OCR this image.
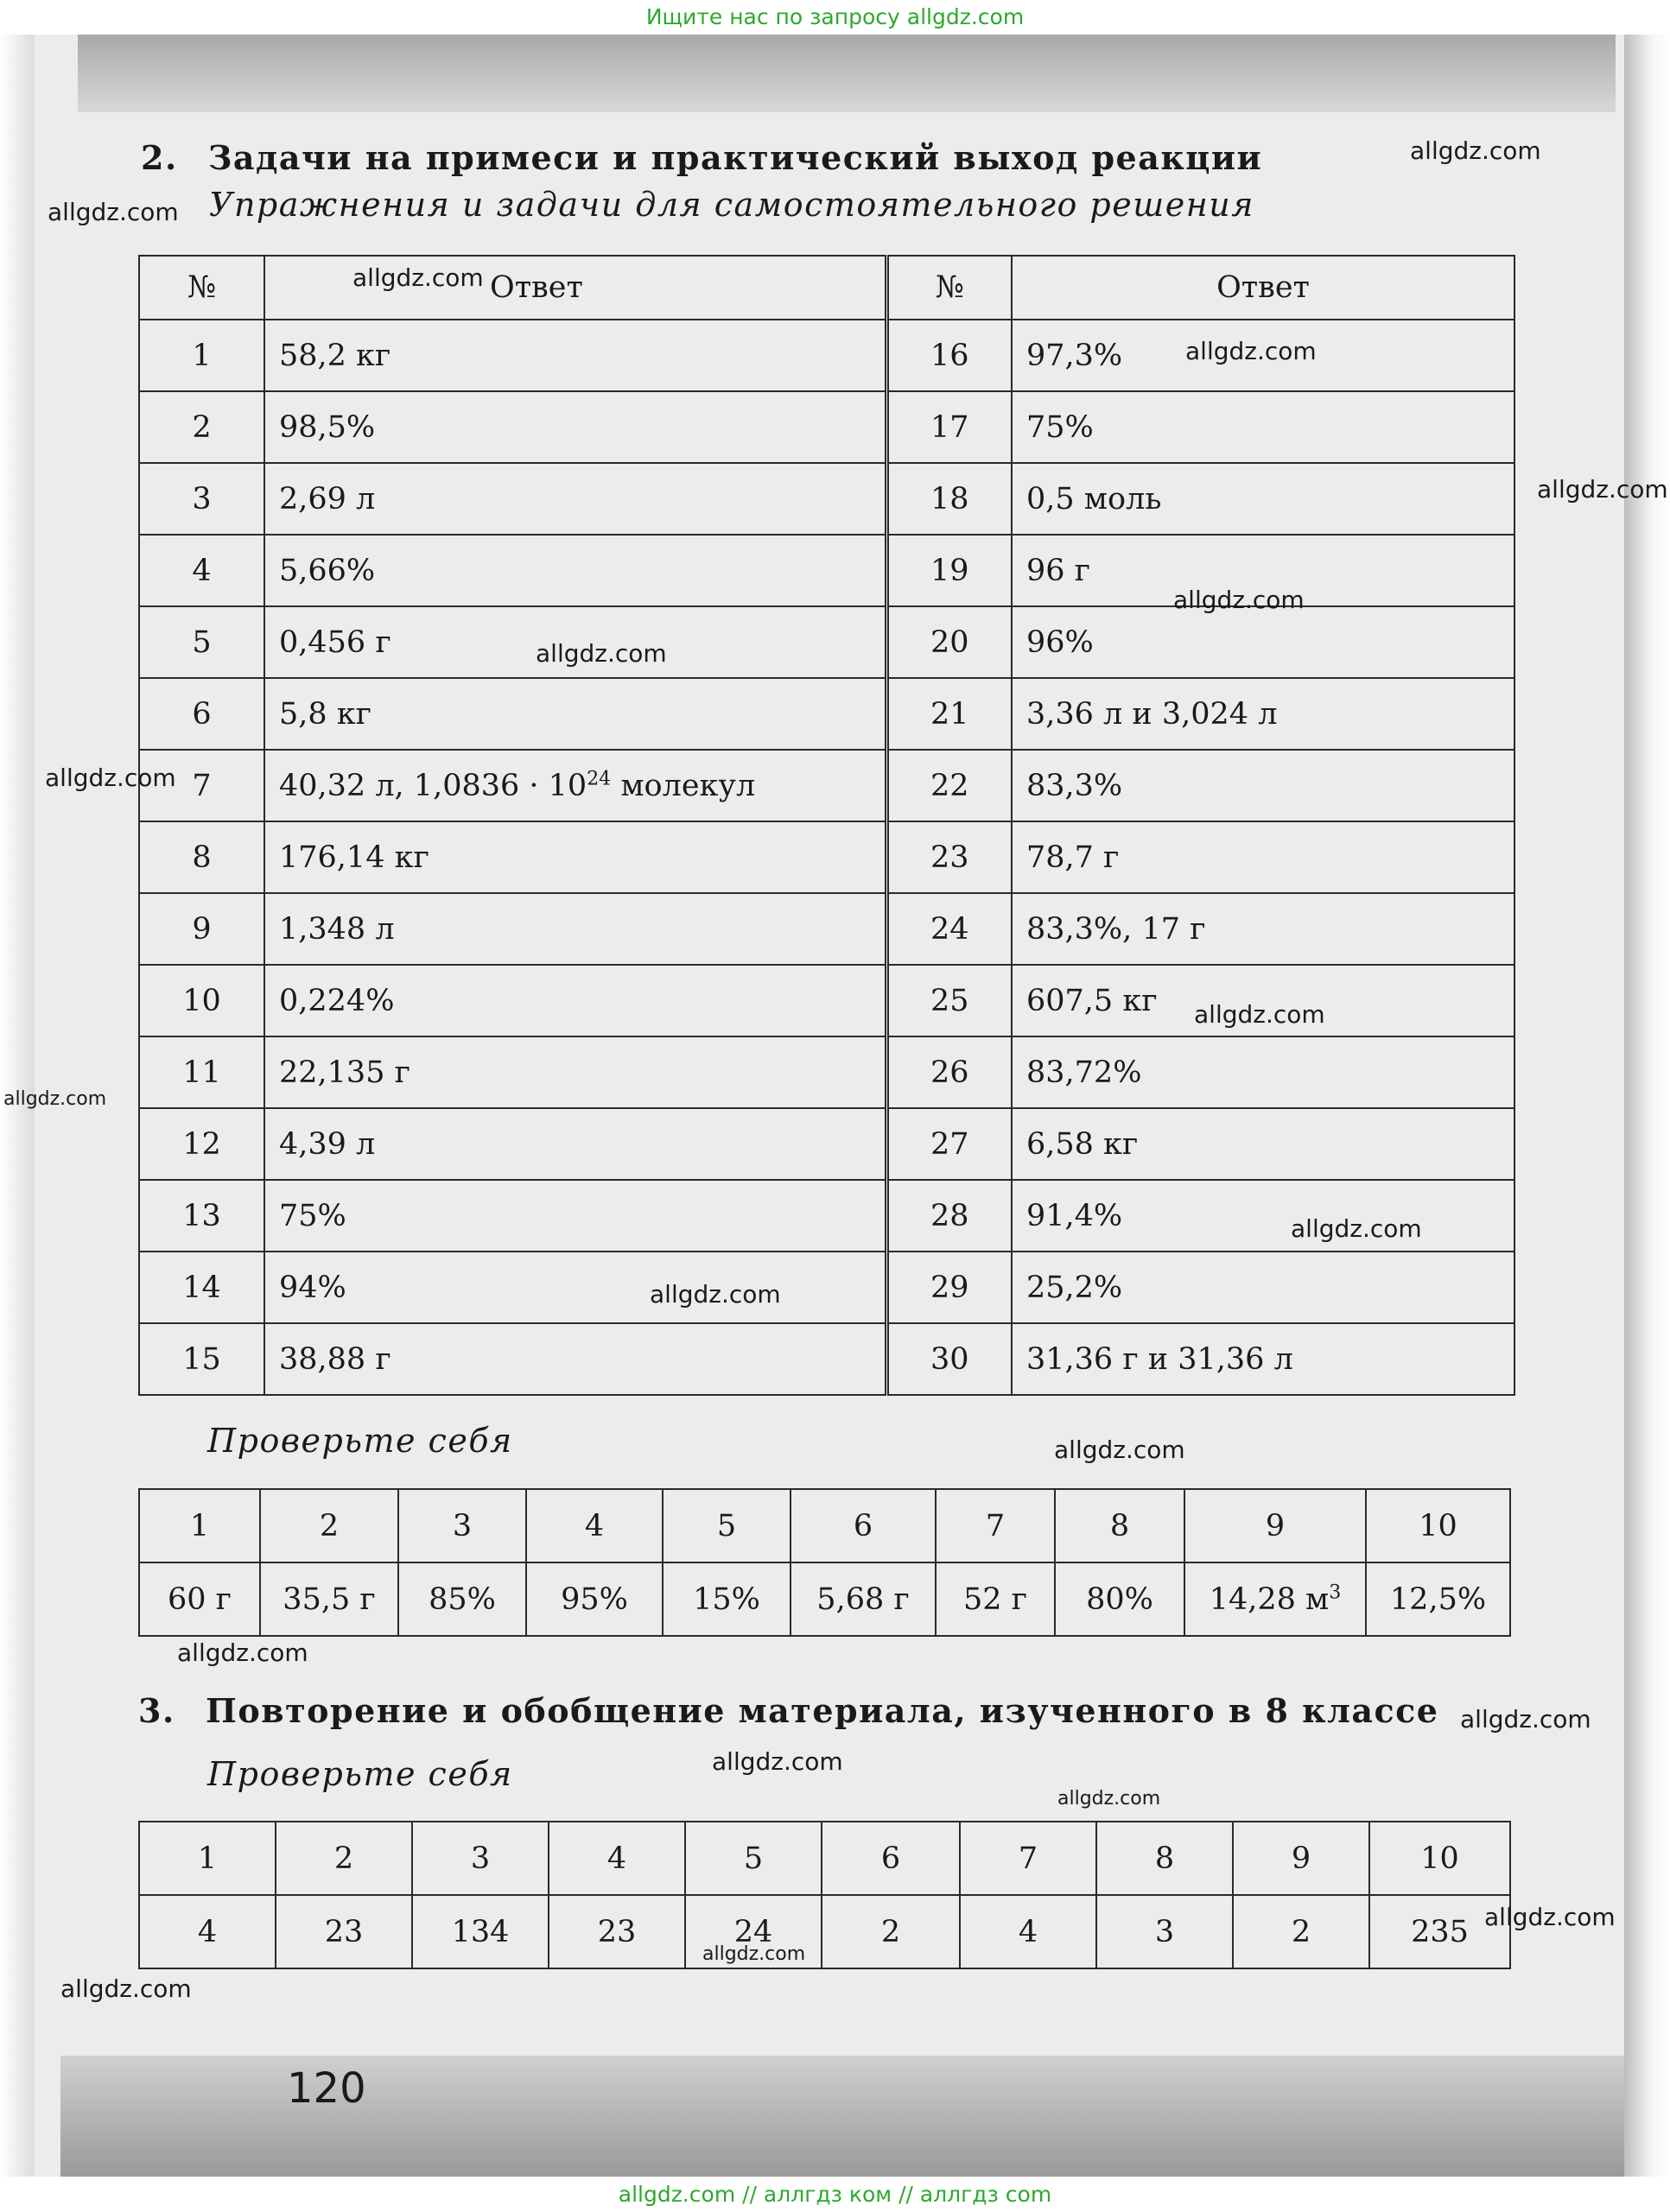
Ищите нас по запросу allgdz.com
2. Задачи на примеси и практический выход реакции
Упражнения и задачи для самостоятельного решения
№	Ответ	№	Ответ
1	58,2 кг	16	97,3%
2	98,5%	17	75%
3	2,69 л	18	0,5 моль
4	5,66%	19	96 г
5	0,456 г	20	96%
6	5,8 кг	21	3,36 л и 3,024 л
7	40,32 л, $1,0836 \cdot 10^{24}$ молекул	22	83,3%
8	176,14 кг	23	78,7 г
9	1,348 л	24	83,3%, 17 г
10	0,224%	25	607,5 кг
11	22,135 г	26	83,72%
12	4,39 л	27	6,58 кг
13	75%	28	91,4%
14	94%	29	25,2%
15	38,88 г	30	31,36 г и 31,36 л
Проверьте себя
1	2	3	4	5	6	7	8	9	10
60 г	35,5 г	85%	95%	15%	5,68 г	52 г	80%	14,28 $м^3$	12,5%
3. Повторение и обобщение материала, изученного в 8 классе
Проверьте себя
1	2	3	4	5	6	7	8	9	10
4	23	134	23	24	2	4	3	2	235
120
allgdz.com
allgdz.com
allgdz.com
allgdz.com
allgdz.com
allgdz.com
allgdz.com
allgdz.com
allgdz.com
allgdz.com
allgdz.com
allgdz.com
allgdz.com
allgdz.com
allgdz.com
allgdz.com
allgdz.com
allgdz.com
allgdz.com
allgdz.com
allgdz.com // аллгдз ком // аллгдз com
